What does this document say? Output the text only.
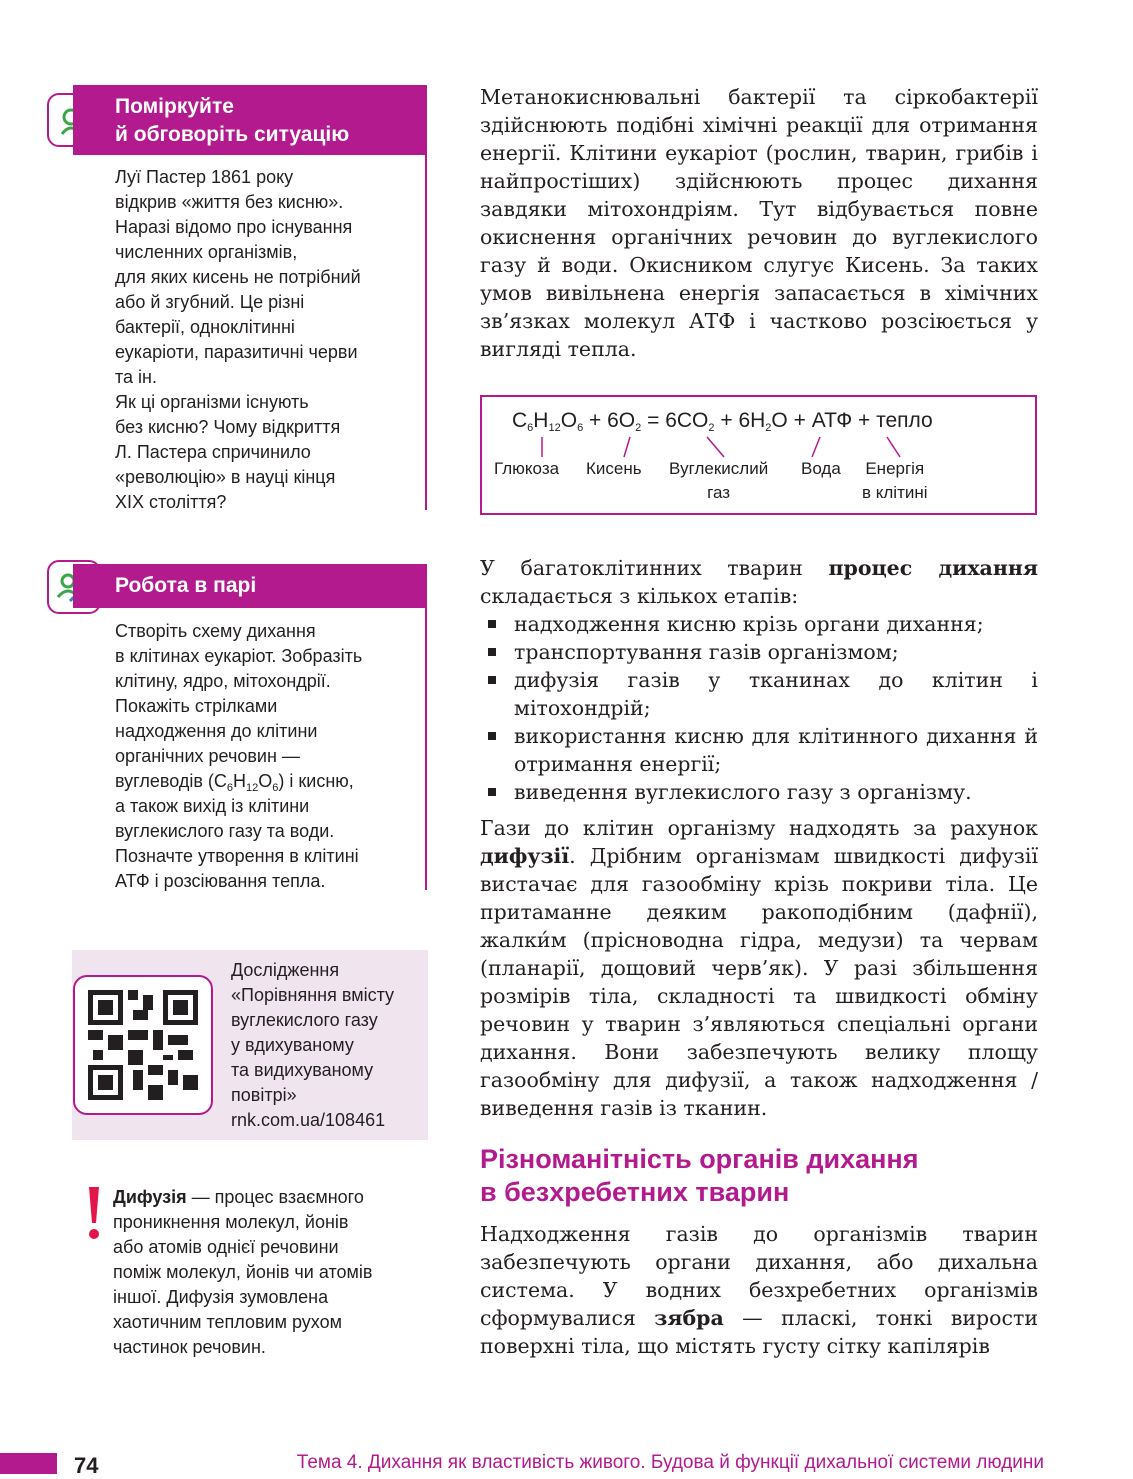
Поміркуйте
й обговоріть ситуацію

Луї Пастер 1861 року

відкрив «життя без кисню».

Наразі відомо про існування

численних організмів,

для яких кисень не потрібний

або й згубний. Це різні

бактерії, одноклітинні

еукаріоти, паразитичні черви

та ін.

Як ці організми існують

без кисню? Чому відкриття

Л. Пастера спричинило

«революцію» в науці кінця

XIX століття?

Робота в парі

Створіть схему дихання

в клітинах еукаріот. Зобразіть

клітину, ядро, мітохондрії.

Покажіть стрілками

надходження до клітини

органічних речовин —

вуглеводів $(C_6H_{12}O_6)$ і кисню,

а також вихід із клітини

вуглекислого газу та води.

Позначте утворення в клітині

АТФ і розсіювання тепла.

Дослідження
«Порівняння вмісту
вуглекислого газу
у вдихуваному
та видихуваному
повітрі»
rnk.com.ua/108461

Дифузія — процес взаємного

проникнення молекул, йонів

або атомів однієї речовини

поміж молекул, йонів чи атомів

іншої. Дифузія зумовлена

хаотичним тепловим рухом

частинок речовин.

Метанокиснювальні бактерії та сіркобактерії здійснюють подібні хімічні реакції для отримання енергії. Клітини еукаріот (рослин, тварин, грибів і найпростіших) здійснюють процес дихання завдяки мітохондріям. Тут відбувається повне окиснення органічних речовин до вуглекислого газу й води. Окисником слугує Кисень. За таких умов вивільнена енергія запасається в хімічних зв’язках молекул АТФ і частково розсіюється у вигляді тепла.

$C_6H_{12}O_6 + 6O_2 = 6CO_2 + 6H_2O$ + АТФ + тепло
Глюкоза Кисень Вуглекислий
газ
Вода Енергія
в клітині

У багатоклітинних тварин процес дихання складається з кількох етапів:

надходження кисню крізь органи дихання;
транспортування газів організмом;
дифузія газів у тканинах до клітин і мітохондрій;
використання кисню для клітинного дихання й отримання енергії;
виведення вуглекислого газу з організму.

Гази до клітин організму надходять за рахунок дифузії. Дрібним організмам швидкості дифузії вистачає для газообміну крізь покриви тіла. Це притаманне деяким ракоподібним (дафнії), жалки́м (прісноводна гідра, медузи) та червам (планарії, дощовий черв’як). У разі збільшення розмірів тіла, складності та швидкості обміну речовин у тварин з’являються спеціальні органи дихання. Вони забезпечують велику площу газообміну для дифузії, а також надходження / виведення газів із тканин.

Різноманітність органів дихання
в безхребетних тварин

Надходження газів до організмів тварин забезпечують органи дихання, або дихальна система. У водних безхребетних організмів сформувалися зябра — пласкі, тонкі вирости поверхні тіла, що містять густу сітку капілярів

74	Тема 4. Дихання як властивість живого. Будова й функції дихальної системи людини
